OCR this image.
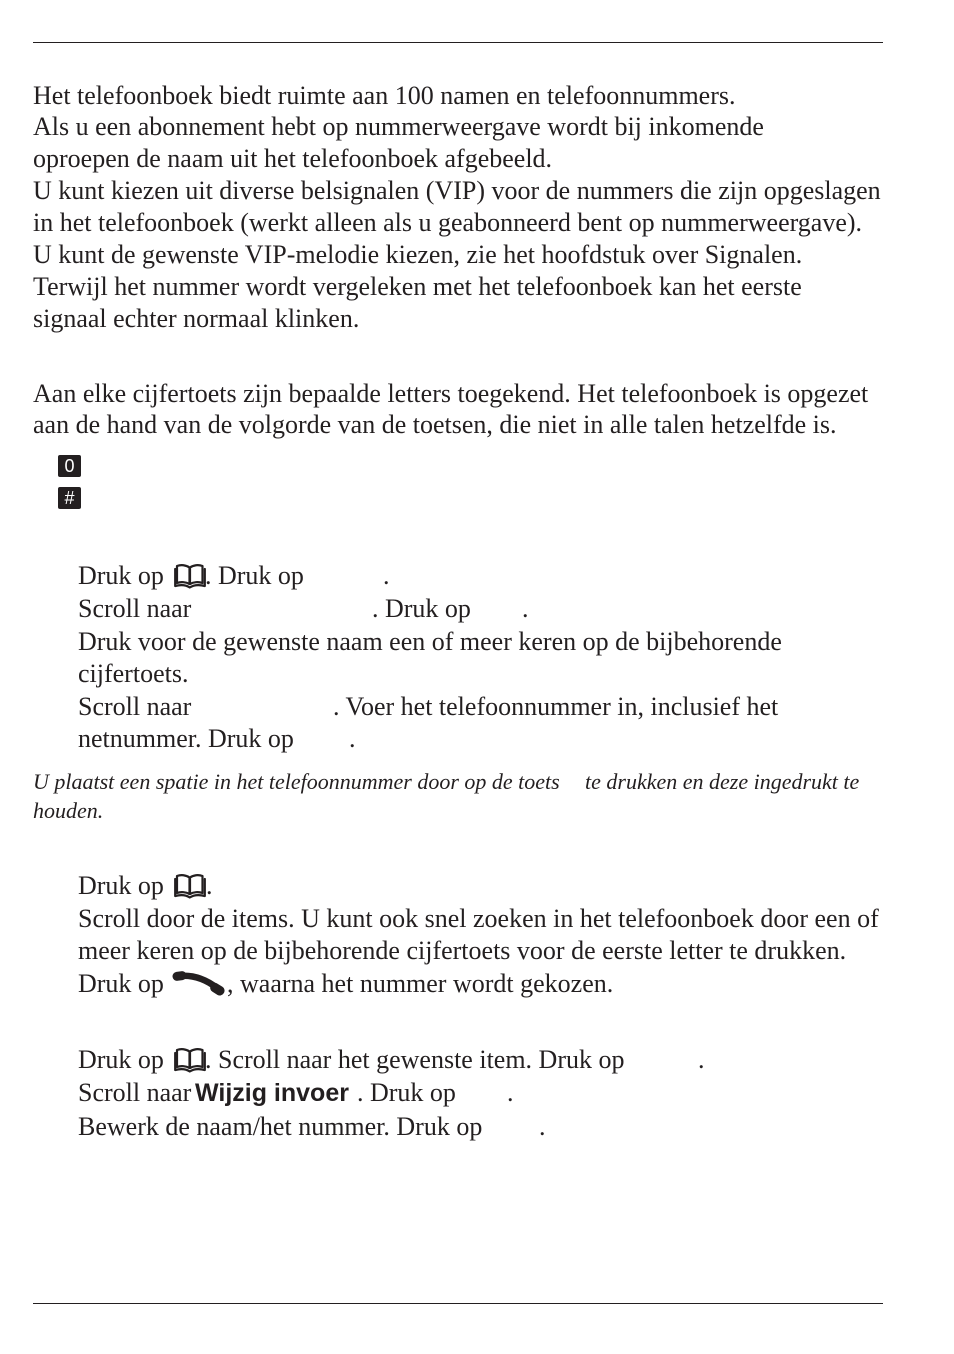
Het telefoonboek biedt ruimte aan 100 namen en telefoonnummers.
Als u een abonnement hebt op nummerweergave wordt bij inkomende
oproepen de naam uit het telefoonboek afgebeeld.
U kunt kiezen uit diverse belsignalen (VIP) voor de nummers die zijn opgeslagen
in het telefoonboek (werkt alleen als u geabonneerd bent op nummerweergave).
U kunt de gewenste VIP-melodie kiezen, zie het hoofdstuk over Signalen.
Terwijl het nummer wordt vergeleken met het telefoonboek kan het eerste
signaal echter normaal klinken.
Aan elke cijfertoets zijn bepaalde letters toegekend. Het telefoonboek is opgezet
aan de hand van de volgorde van de toetsen, die niet in alle talen hetzelfde is.
0
#
Druk op . Druk op	.
Scroll naar	. Druk op .
Druk voor de gewenste naam een of meer keren op de bijbehorende
cijfertoets.
Scroll naar	. Voer het telefoonnummer in, inclusief het
netnummer. Druk op .
U plaatst een spatie in het telefoonnummer door op de toets te drukken en deze ingedrukt te
houden.
Druk op .
Scroll door de items. U kunt ook snel zoeken in het telefoonboek door een of
meer keren op de bijbehorende cijfertoets voor de eerste letter te drukken.
Druk op , waarna het nummer wordt gekozen.
Druk op . Scroll naar het gewenste item. Druk op	.
Scroll naar Wijzig invoer . Druk op .
Bewerk de naam/het nummer. Druk op .
